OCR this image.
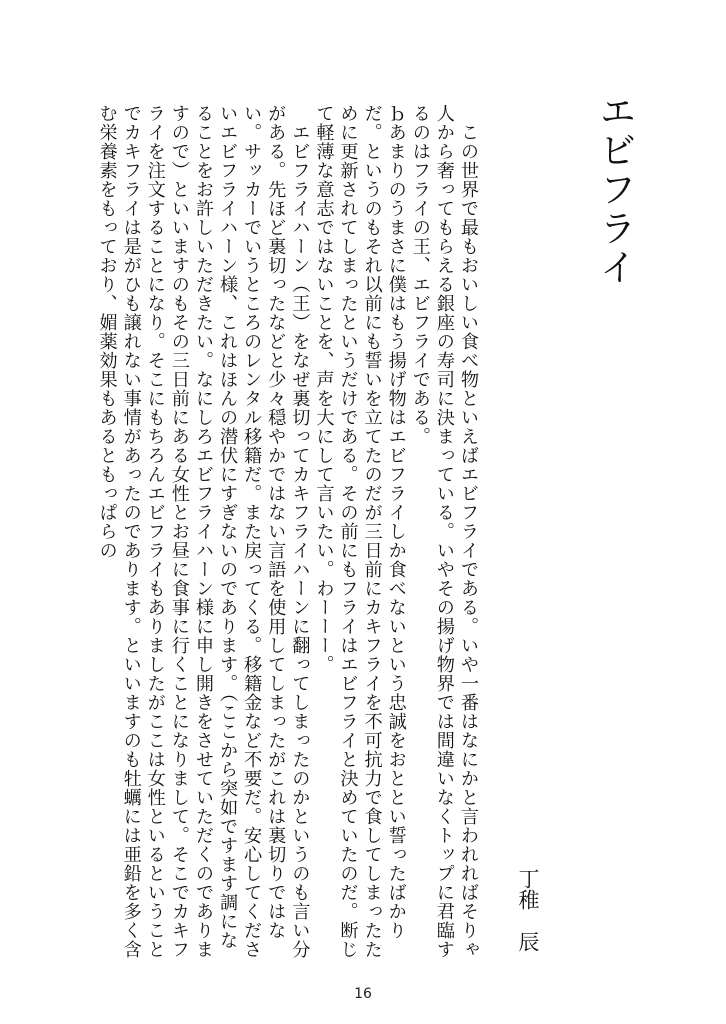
エビフライ
丁稚　辰

　この世界で最もおいしい食べ物といえばエビフライである。いや一番はなにかと言われればそりゃ人から奢ってもらえる銀座の寿司に決まっている。いやその揚げ物界では間違いなくトップに君臨するのはフライの王、エビフライである。

ｂあまりのうまさに僕はもう揚げ物はエビフライしか食べないという忠誠をおととい誓ったばかりだ。というのもそれ以前にも誓いを立てたのだが三日前にカキフライを不可抗力で食してしまったために更新されてしまったというだけである。その前にもフライはエビフライと決めていたのだ。断じて軽薄な意志ではないことを、声を大にして言いたい。わーーー。

　エビフライハーン（王）をなぜ裏切ってカキフライハーンに翻ってしまったのかというのも言い分がある。先ほど裏切ったなどと少々穏やかではない言語を使用してしまったがこれは裏切りではない。サッカーでいうところのレンタル移籍だ。また戻ってくる。移籍金など不要だ。安心してくださいエビフライハーン様、これはほんの潜伏にすぎないのであります。（ここから突如ですます調になることをお許しいただきたい。なにしろエビフライハーン様に申し開きをさせていただくのでありますので）といいますのもその三日前にある女性とお昼に食事に行くことになりまして。そこでカキフライを注文することになり。そこにもちろんエビフライもありましたがここは女性といるということでカキフライは是がひも譲れない事情があったのであります。といいますのも牡蠣には亜鉛を多く含む栄養素をもっており、媚薬効果もあるともっぱらの

16
